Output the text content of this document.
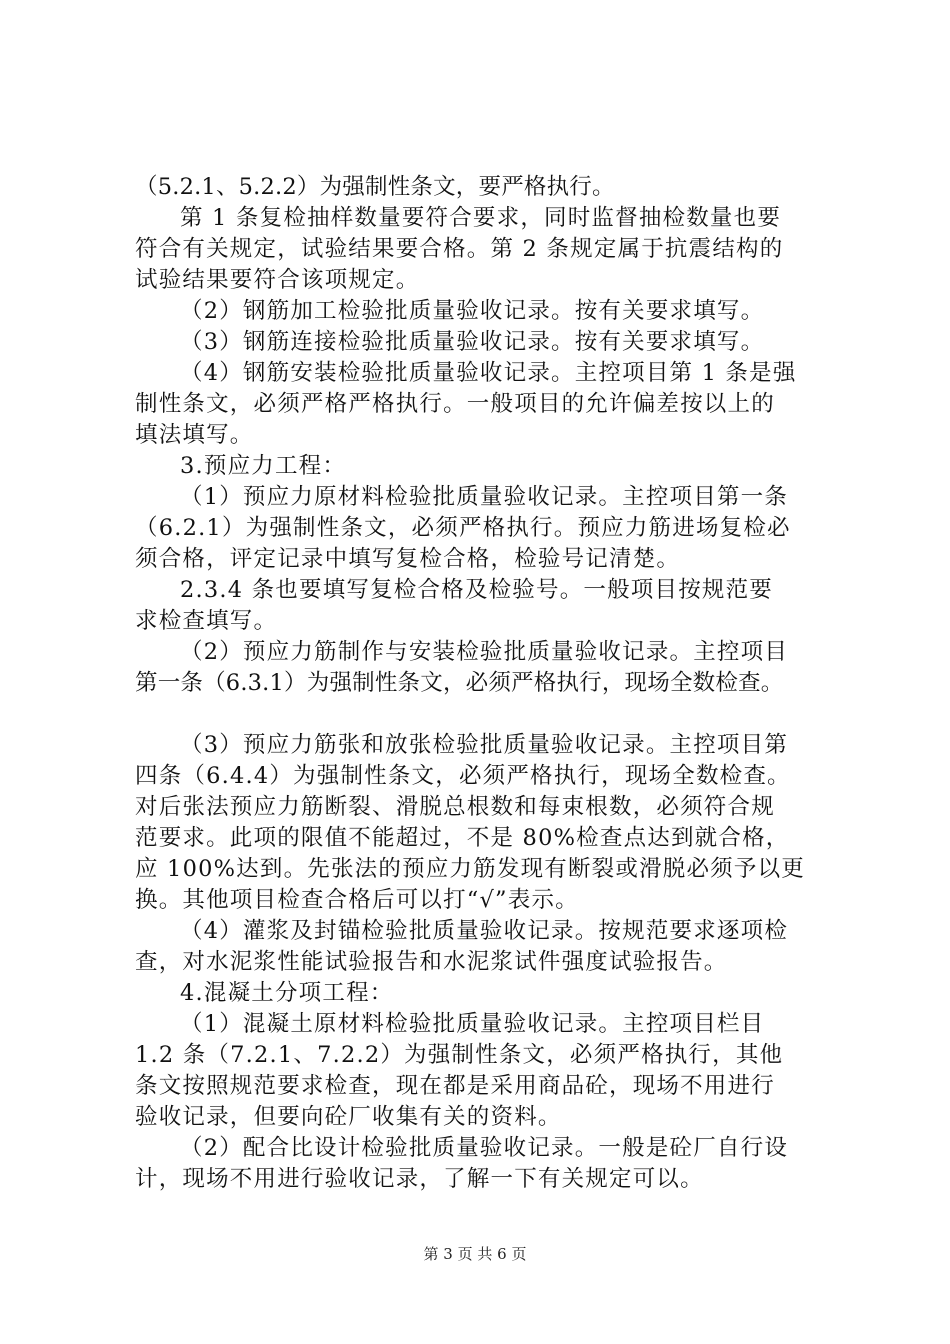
（5.2.1、5.2.2）为强制性条文，要严格执行。
第 1 条复检抽样数量要符合要求，同时监督抽检数量也要
符合有关规定，试验结果要合格。第 2 条规定属于抗震结构的
试验结果要符合该项规定。
（2）钢筋加工检验批质量验收记录。按有关要求填写。
（3）钢筋连接检验批质量验收记录。按有关要求填写。
（4）钢筋安装检验批质量验收记录。主控项目第 1 条是强
制性条文，必须严格严格执行。一般项目的允许偏差按以上的
填法填写。
3.预应力工程：
（1）预应力原材料检验批质量验收记录。主控项目第一条
（6.2.1）为强制性条文，必须严格执行。预应力筋进场复检必
须合格，评定记录中填写复检合格，检验号记清楚。
2.3.4 条也要填写复检合格及检验号。一般项目按规范要
求检查填写。
（2）预应力筋制作与安装检验批质量验收记录。主控项目
第一条（6.3.1）为强制性条文，必须严格执行，现场全数检查。
（3）预应力筋张和放张检验批质量验收记录。主控项目第
四条（6.4.4）为强制性条文，必须严格执行，现场全数检查。
对后张法预应力筋断裂、滑脱总根数和每束根数，必须符合规
范要求。此项的限值不能超过，不是 80%检查点达到就合格，
应 100%达到。先张法的预应力筋发现有断裂或滑脱必须予以更
换。其他项目检查合格后可以打“√”表示。
（4）灌浆及封锚检验批质量验收记录。按规范要求逐项检
查，对水泥浆性能试验报告和水泥浆试件强度试验报告。
4.混凝土分项工程：
（1）混凝土原材料检验批质量验收记录。主控项目栏目
1.2 条（7.2.1、7.2.2）为强制性条文，必须严格执行，其他
条文按照规范要求检查，现在都是采用商品砼，现场不用进行
验收记录，但要向砼厂收集有关的资料。
（2）配合比设计检验批质量验收记录。一般是砼厂自行设
计，现场不用进行验收记录，了解一下有关规定可以。
第 3 页 共 6 页
